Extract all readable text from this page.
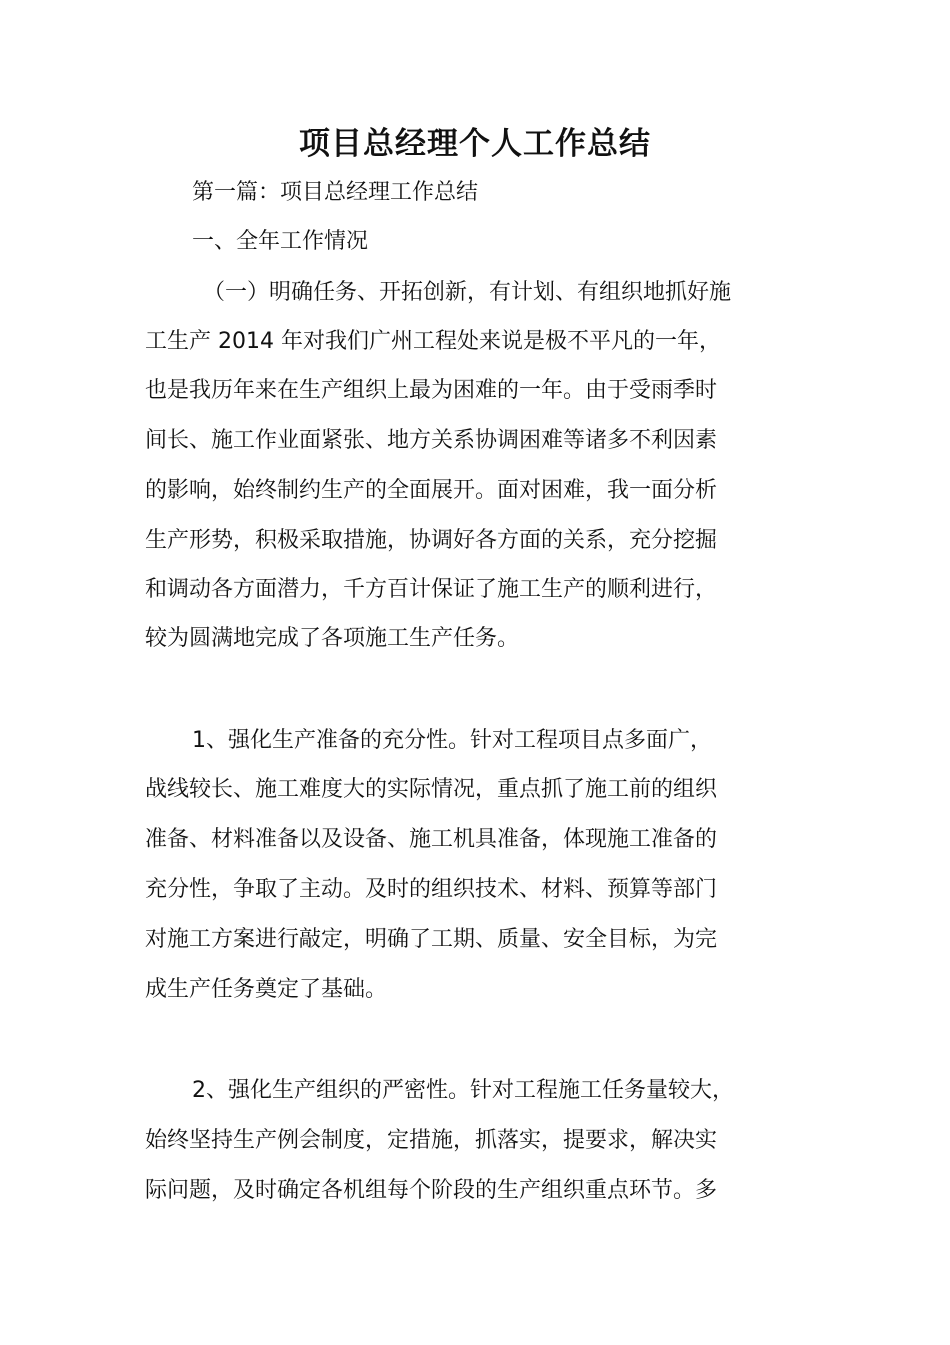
项目总经理个人工作总结

第一篇：项目总经理工作总结

一、全年工作情况

（一）明确任务、开拓创新，有计划、有组织地抓好施

工生产 2014 年对我们广州工程处来说是极不平凡的一年，

也是我历年来在生产组织上最为困难的一年。由于受雨季时

间长、施工作业面紧张、地方关系协调困难等诸多不利因素

的影响，始终制约生产的全面展开。面对困难，我一面分析

生产形势，积极采取措施，协调好各方面的关系，充分挖掘

和调动各方面潜力，千方百计保证了施工生产的顺利进行，

较为圆满地完成了各项施工生产任务。

1、强化生产准备的充分性。针对工程项目点多面广，

战线较长、施工难度大的实际情况，重点抓了施工前的组织

准备、材料准备以及设备、施工机具准备，体现施工准备的

充分性，争取了主动。及时的组织技术、材料、预算等部门

对施工方案进行敲定，明确了工期、质量、安全目标，为完

成生产任务奠定了基础。

2、强化生产组织的严密性。针对工程施工任务量较大，

始终坚持生产例会制度，定措施，抓落实，提要求，解决实

际问题，及时确定各机组每个阶段的生产组织重点环节。多
